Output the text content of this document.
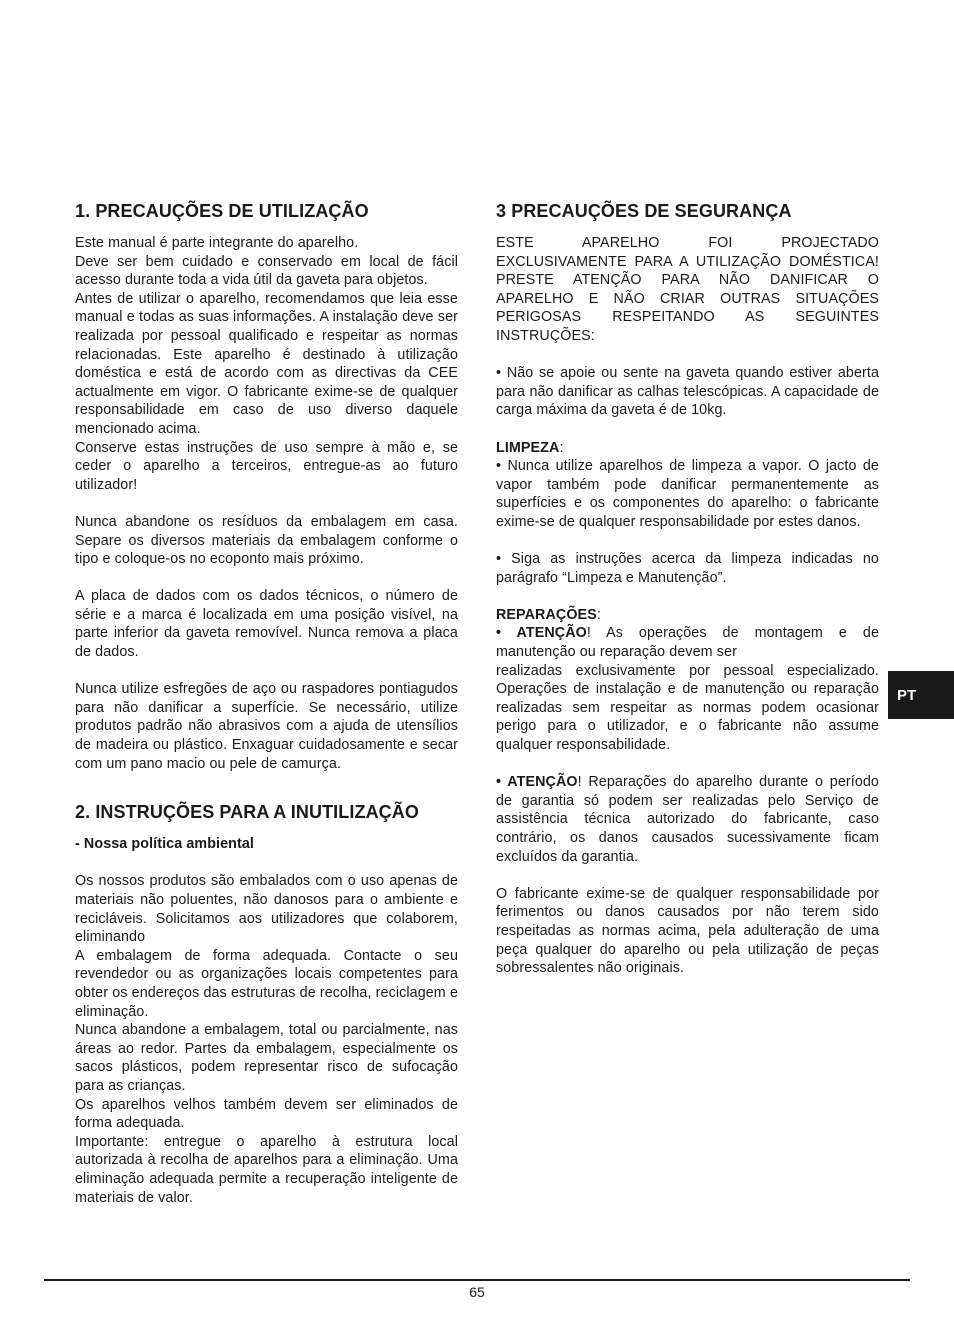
1. PRECAUÇÕES DE UTILIZAÇÃO

Este manual é parte integrante do aparelho.

Deve ser bem cuidado e conservado em local de fácil acesso durante toda a vida útil da gaveta para objetos.

Antes de utilizar o aparelho, recomendamos que leia esse manual e todas as suas informações. A instalação deve ser realizada por pessoal qualificado e respeitar as normas relacionadas. Este aparelho é destinado à utilização doméstica e está de acordo com as directivas da CEE actualmente em vigor. O fabricante exime-se de qualquer responsabilidade em caso de uso diverso daquele mencionado acima.

Conserve estas instruções de uso sempre à mão e, se ceder o aparelho a terceiros, entregue-as ao futuro utilizador!

Nunca abandone os resíduos da embalagem em casa. Separe os diversos materiais da embalagem conforme o tipo e coloque-os no ecoponto mais próximo.

A placa de dados com os dados técnicos, o número de série e a marca é localizada em uma posição visível, na parte inferior da gaveta removível. Nunca remova a placa de dados.

Nunca utilize esfregões de aço ou raspadores pontiagudos para não danificar a superfície. Se necessário, utilize produtos padrão não abrasivos com a ajuda de utensílios de madeira ou plástico. Enxaguar cuidadosamente e secar com um pano macio ou pele de camurça.

2. INSTRUÇÕES PARA A INUTILIZAÇÃO

- Nossa política ambiental

Os nossos produtos são embalados com o uso apenas de materiais não poluentes, não danosos para o ambiente e recicláveis. Solicitamos aos utilizadores que colaborem, eliminando

A embalagem de forma adequada. Contacte o seu revendedor ou as organizações locais competentes para obter os endereços das estruturas de recolha, reciclagem e eliminação.

Nunca abandone a embalagem, total ou parcialmente, nas áreas ao redor. Partes da embalagem, especialmente os sacos plásticos, podem representar risco de sufocação para as crianças.

Os aparelhos velhos também devem ser eliminados de forma adequada.

Importante: entregue o aparelho à estrutura local autorizada à recolha de aparelhos para a eliminação. Uma eliminação adequada permite a recuperação inteligente de materiais de valor.

3 PRECAUÇÕES DE SEGURANÇA

ESTE APARELHO FOI PROJECTADO EXCLUSIVAMENTE PARA A UTILIZAÇÃO DOMÉSTICA! PRESTE ATENÇÃO PARA NÃO DANIFICAR O APARELHO E NÃO CRIAR OUTRAS SITUAÇÕES PERIGOSAS RESPEITANDO AS SEGUINTES INSTRUÇÕES:

• Não se apoie ou sente na gaveta quando estiver aberta para não danificar as calhas telescópicas. A capacidade de carga máxima da gaveta é de 10kg.

LIMPEZA:

• Nunca utilize aparelhos de limpeza a vapor. O jacto de vapor também pode danificar permanentemente as superfícies e os componentes do aparelho: o fabricante exime-se de qualquer responsabilidade por estes danos.

• Siga as instruções acerca da limpeza indicadas no parágrafo “Limpeza e Manutenção”.

REPARAÇÕES:

• ATENÇÃO! As operações de montagem e de manutenção ou reparação devem ser

realizadas exclusivamente por pessoal especializado. Operações de instalação e de manutenção ou reparação realizadas sem respeitar as normas podem ocasionar perigo para o utilizador, e o fabricante não assume qualquer responsabilidade.

• ATENÇÃO! Reparações do aparelho durante o período de garantia só podem ser realizadas pelo Serviço de assistência técnica autorizado do fabricante, caso contrário, os danos causados sucessivamente ficam excluídos da garantia.

O fabricante exime-se de qualquer responsabilidade por ferimentos ou danos causados por não terem sido respeitadas as normas acima, pela adulteração de uma peça qualquer do aparelho ou pela utilização de peças sobressalentes não originais.

PT
65
